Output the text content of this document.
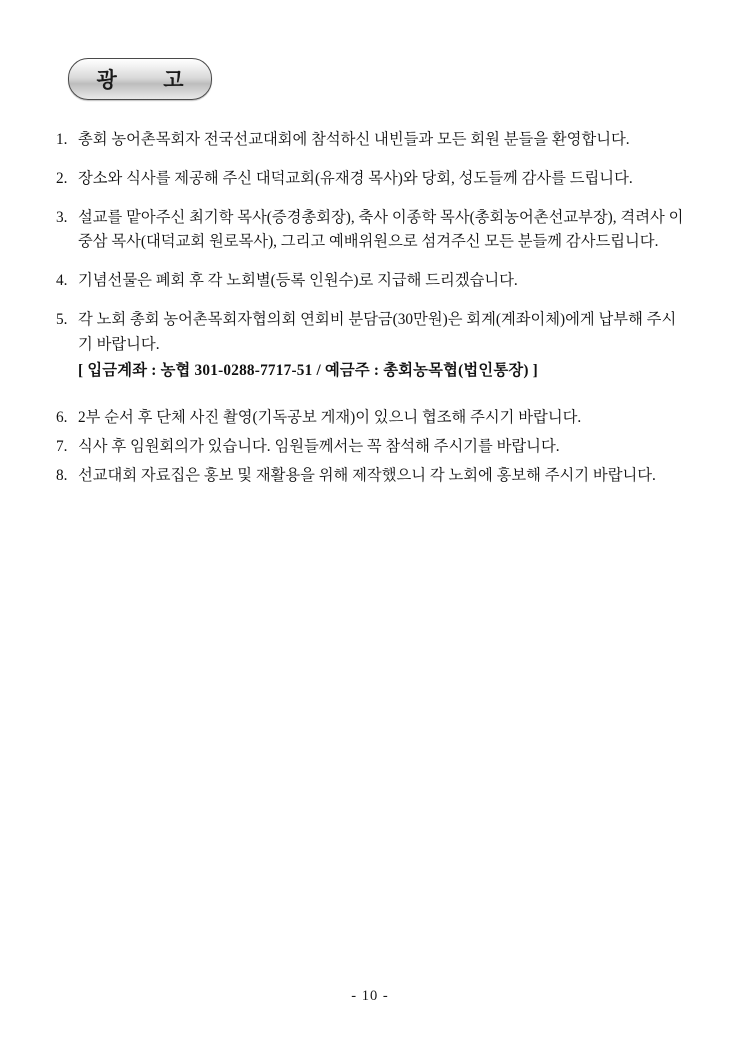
광  고
1. 총회 농어촌목회자 전국선교대회에 참석하신 내빈들과 모든 회원 분들을 환영합니다.
2. 장소와 식사를 제공해 주신 대덕교회(유재경 목사)와 당회, 성도들께 감사를 드립니다.
3. 설교를 맡아주신 최기학 목사(증경총회장), 축사 이종학 목사(총회농어촌선교부장), 격려사 이중삼 목사(대덕교회 원로목사), 그리고 예배위원으로 섬겨주신 모든 분들께 감사드립니다.
4. 기념선물은 폐회 후 각 노회별(등록 인원수)로 지급해 드리겠습니다.
5. 각 노회 총회 농어촌목회자협의회 연회비 분담금(30만원)은 회계(계좌이체)에게 납부해 주시기 바랍니다.
[ 입금계좌 : 농협 301-0288-7717-51 / 예금주 : 총회농목협(법인통장) ]
6. 2부 순서 후 단체 사진 촬영(기독공보 게재)이 있으니 협조해 주시기 바랍니다.
7. 식사 후 임원회의가 있습니다. 임원들께서는 꼭 참석해 주시기를 바랍니다.
8. 선교대회 자료집은 홍보 및 재활용을 위해 제작했으니 각 노회에 홍보해 주시기 바랍니다.
- 10 -
